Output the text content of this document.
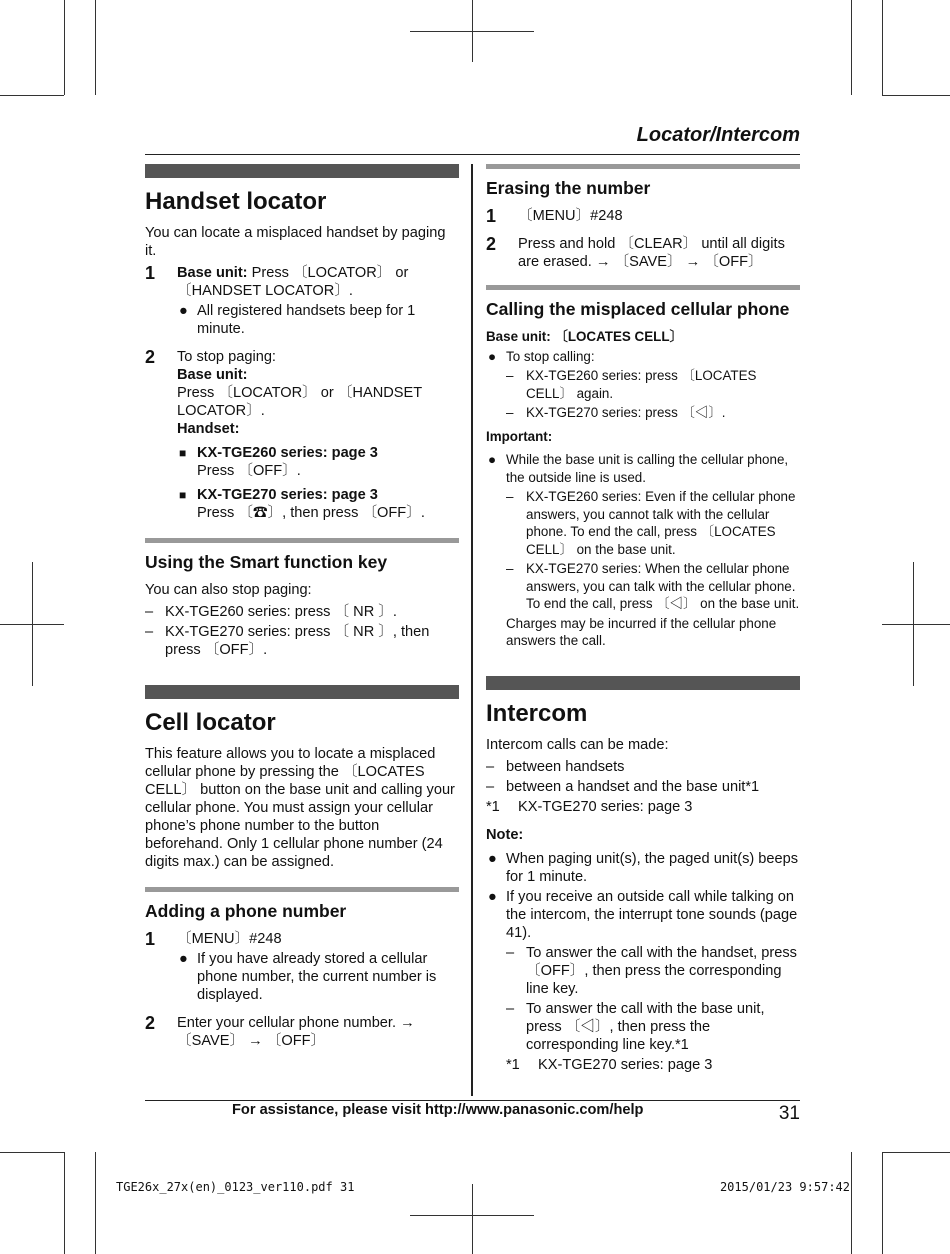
Locator/Intercom
Handset locator

You can locate a misplaced handset by paging it.

1 Base unit: Press 〔LOCATOR〕 or 〔HANDSET LOCATOR〕.
● All registered handsets beep for 1 minute.
2 To stop paging:
Base unit:
Press 〔LOCATOR〕 or 〔HANDSET LOCATOR〕.
Handset:
■ KX-TGE260 series: page 3
Press 〔OFF〕.
■ KX-TGE270 series: page 3
Press 〔☎〕, then press 〔OFF〕.
Using the Smart function key

You can also stop paging:

– KX-TGE260 series: press 〔 NR 〕.
– KX-TGE270 series: press 〔 NR 〕, then press 〔OFF〕.
Cell locator

This feature allows you to locate a misplaced cellular phone by pressing the 〔LOCATES CELL〕 button on the base unit and calling your cellular phone. You must assign your cellular phone’s phone number to the button beforehand. Only 1 cellular phone number (24 digits max.) can be assigned.

Adding a phone number
1 〔MENU〕#248
● If you have already stored a cellular phone number, the current number is displayed.
2 Enter your cellular phone number. → 〔SAVE〕 → 〔OFF〕
Erasing the number
1 〔MENU〕#248
2 Press and hold 〔CLEAR〕 until all digits are erased. → 〔SAVE〕 → 〔OFF〕
Calling the misplaced cellular phone
Base unit: 〔LOCATES CELL〕
● To stop calling:
– KX-TGE260 series: press 〔LOCATES CELL〕 again.
– KX-TGE270 series: press 〔◁〕.
Important:
● While the base unit is calling the cellular phone, the outside line is used.
– KX-TGE260 series: Even if the cellular phone answers, you cannot talk with the cellular phone. To end the call, press 〔LOCATES CELL〕 on the base unit.
– KX-TGE270 series: When the cellular phone answers, you can talk with the cellular phone. To end the call, press 〔◁〕 on the base unit.
Charges may be incurred if the cellular phone answers the call.
Intercom

Intercom calls can be made:

– between handsets
– between a handset and the base unit*1
*1 KX-TGE270 series: page 3
Note:
● When paging unit(s), the paged unit(s) beeps for 1 minute.
● If you receive an outside call while talking on the intercom, the interrupt tone sounds (page 41).
– To answer the call with the handset, press 〔OFF〕, then press the corresponding line key.
– To answer the call with the base unit, press 〔◁〕, then press the corresponding line key.*1
*1 KX-TGE270 series: page 3
For assistance, please visit http://www.panasonic.com/help	31
TGE26x_27x(en)_0123_ver110.pdf 31	2015/01/23 9:57:42
